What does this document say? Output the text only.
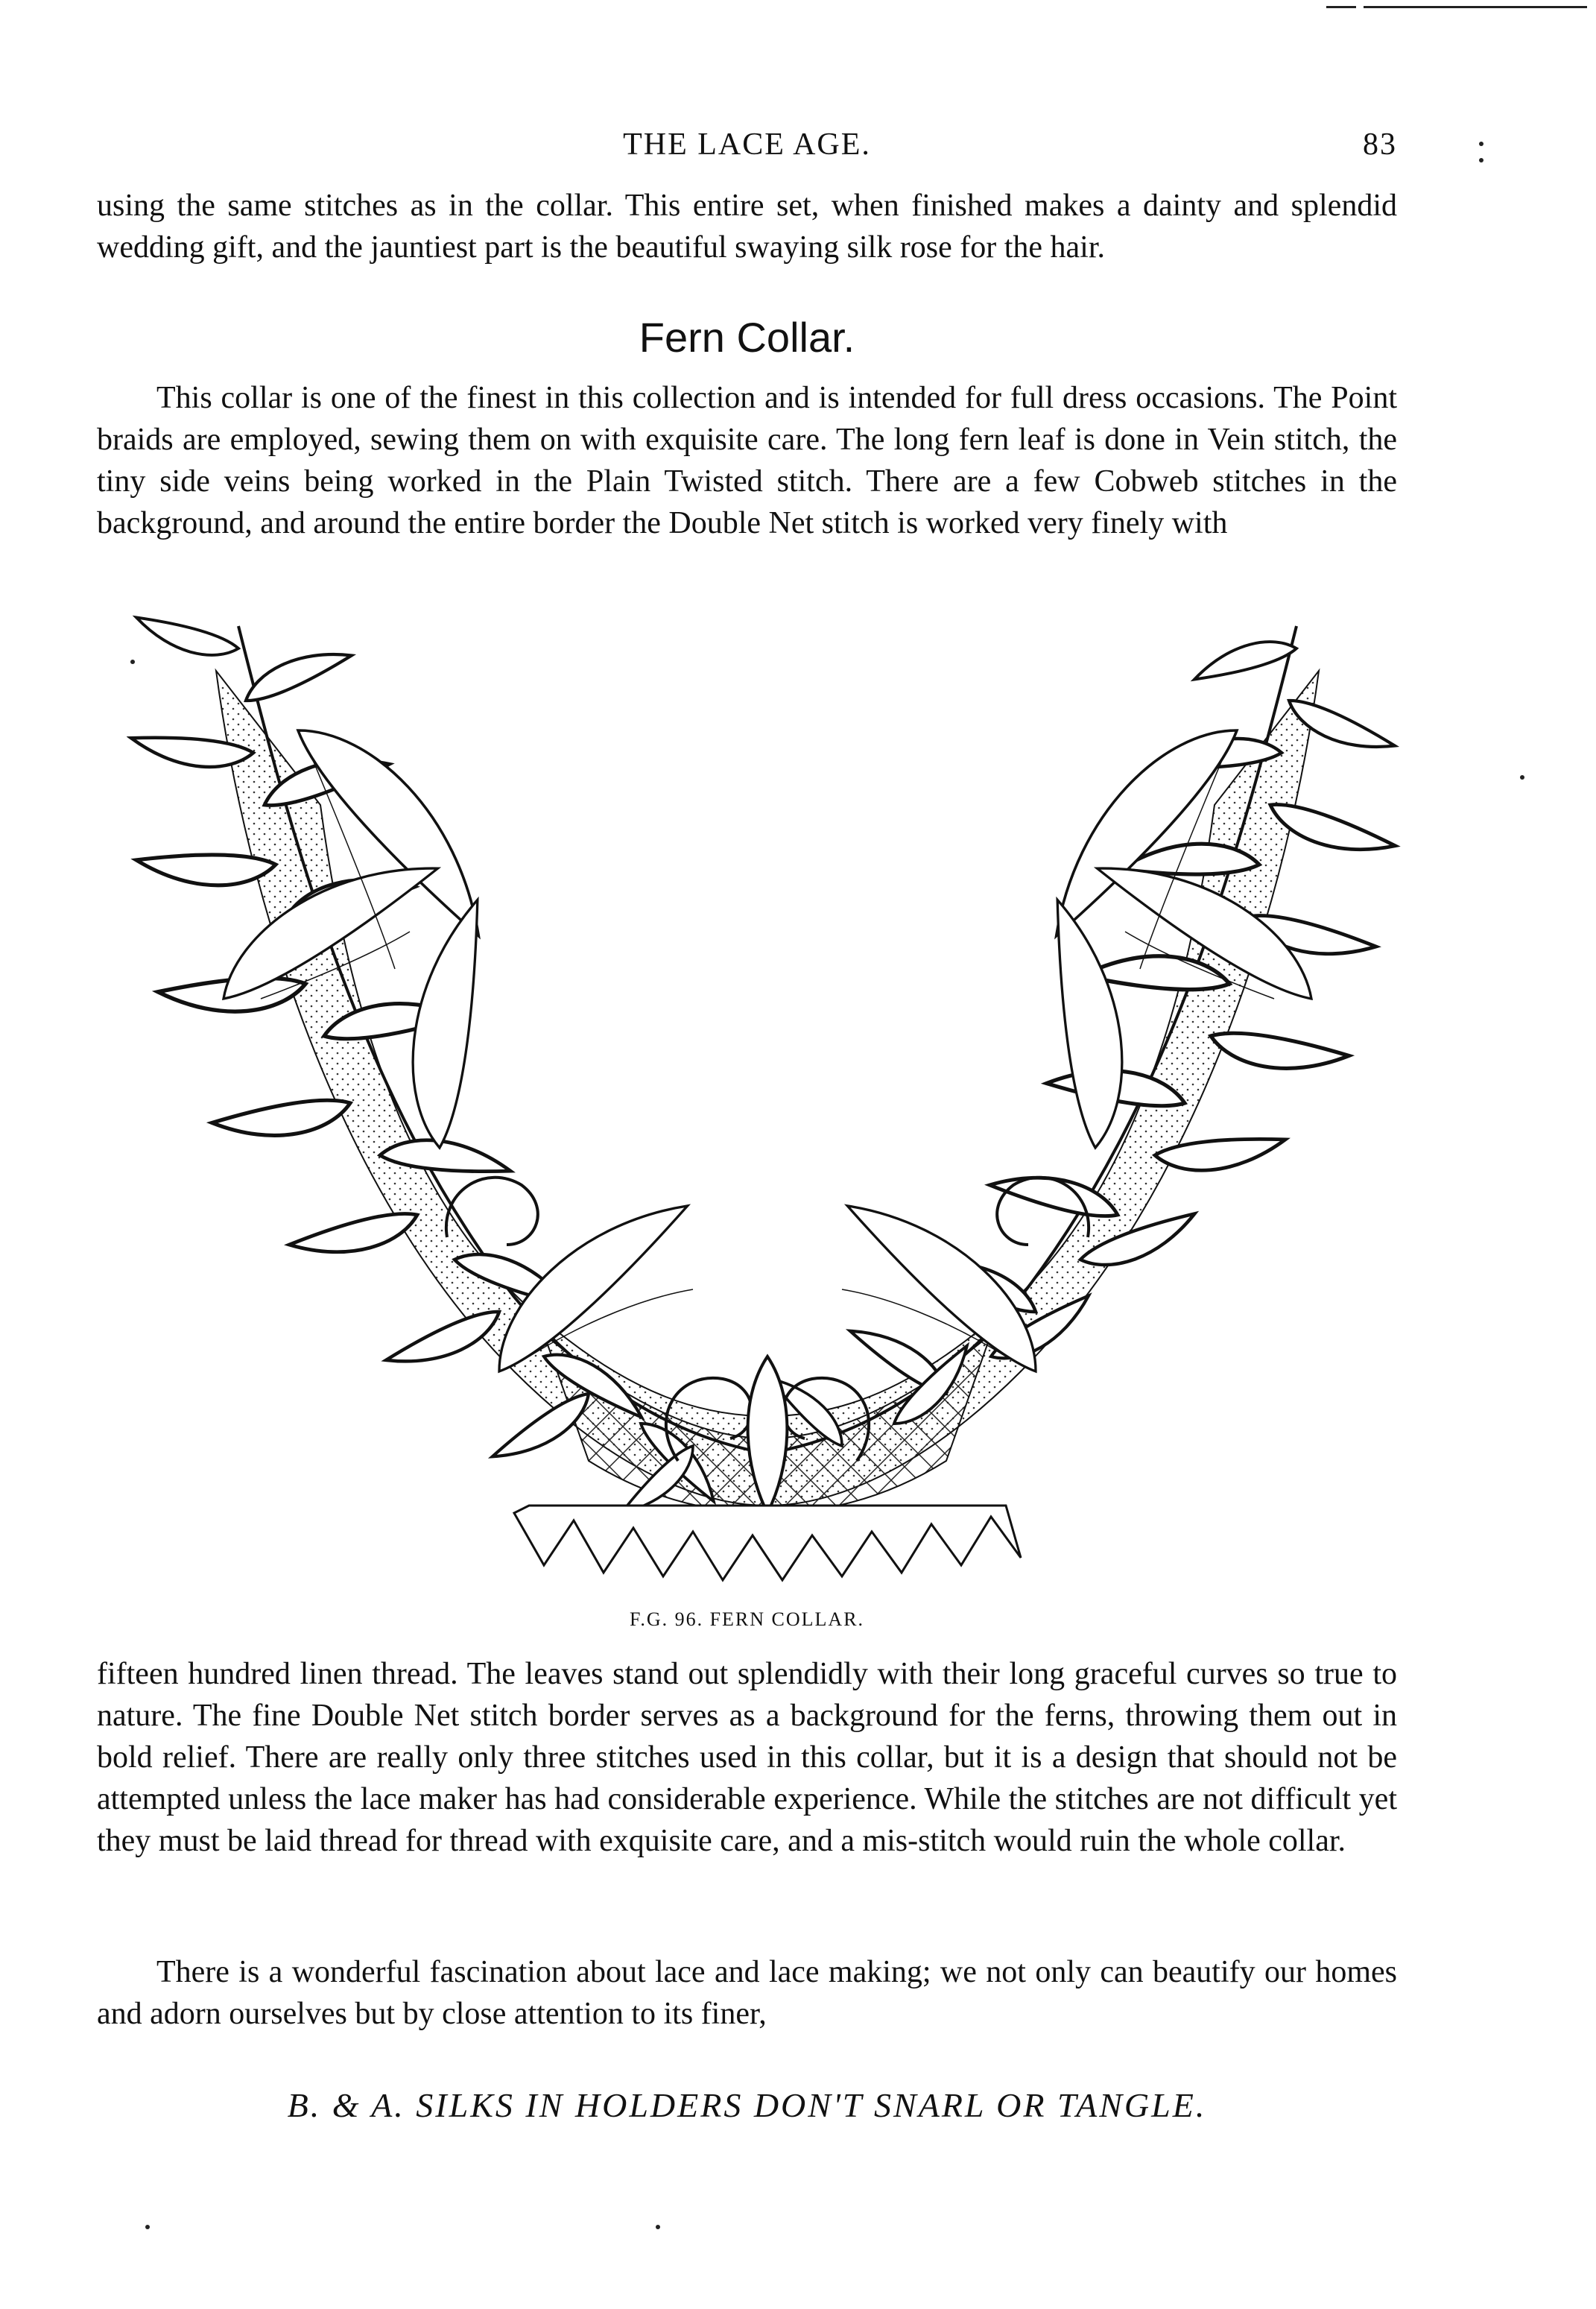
THE LACE AGE.	83

using the same stitches as in the collar. This entire set, when finished makes a dainty and splendid wedding gift, and the jauntiest part is the beautiful swaying silk rose for the hair.

Fern Collar.

This collar is one of the finest in this collection and is intended for full dress occasions. The Point braids are employed, sewing them on with exquisite care. The long fern leaf is done in Vein stitch, the tiny side veins being worked in the Plain Twisted stitch. There are a few Cobweb stitches in the background, and around the entire border the Double Net stitch is worked very finely with

F.G. 96. FERN COLLAR.

fifteen hundred linen thread. The leaves stand out splendidly with their long graceful curves so true to nature. The fine Double Net stitch border serves as a background for the ferns, throwing them out in bold relief. There are really only three stitches used in this collar, but it is a design that should not be attempted unless the lace maker has had considerable experience. While the stitches are not difficult yet they must be laid thread for thread with exquisite care, and a mis-stitch would ruin the whole collar.

There is a wonderful fascination about lace and lace making; we not only can beautify our homes and adorn ourselves but by close attention to its finer,

B. & A. SILKS IN HOLDERS DON'T SNARL OR TANGLE.
